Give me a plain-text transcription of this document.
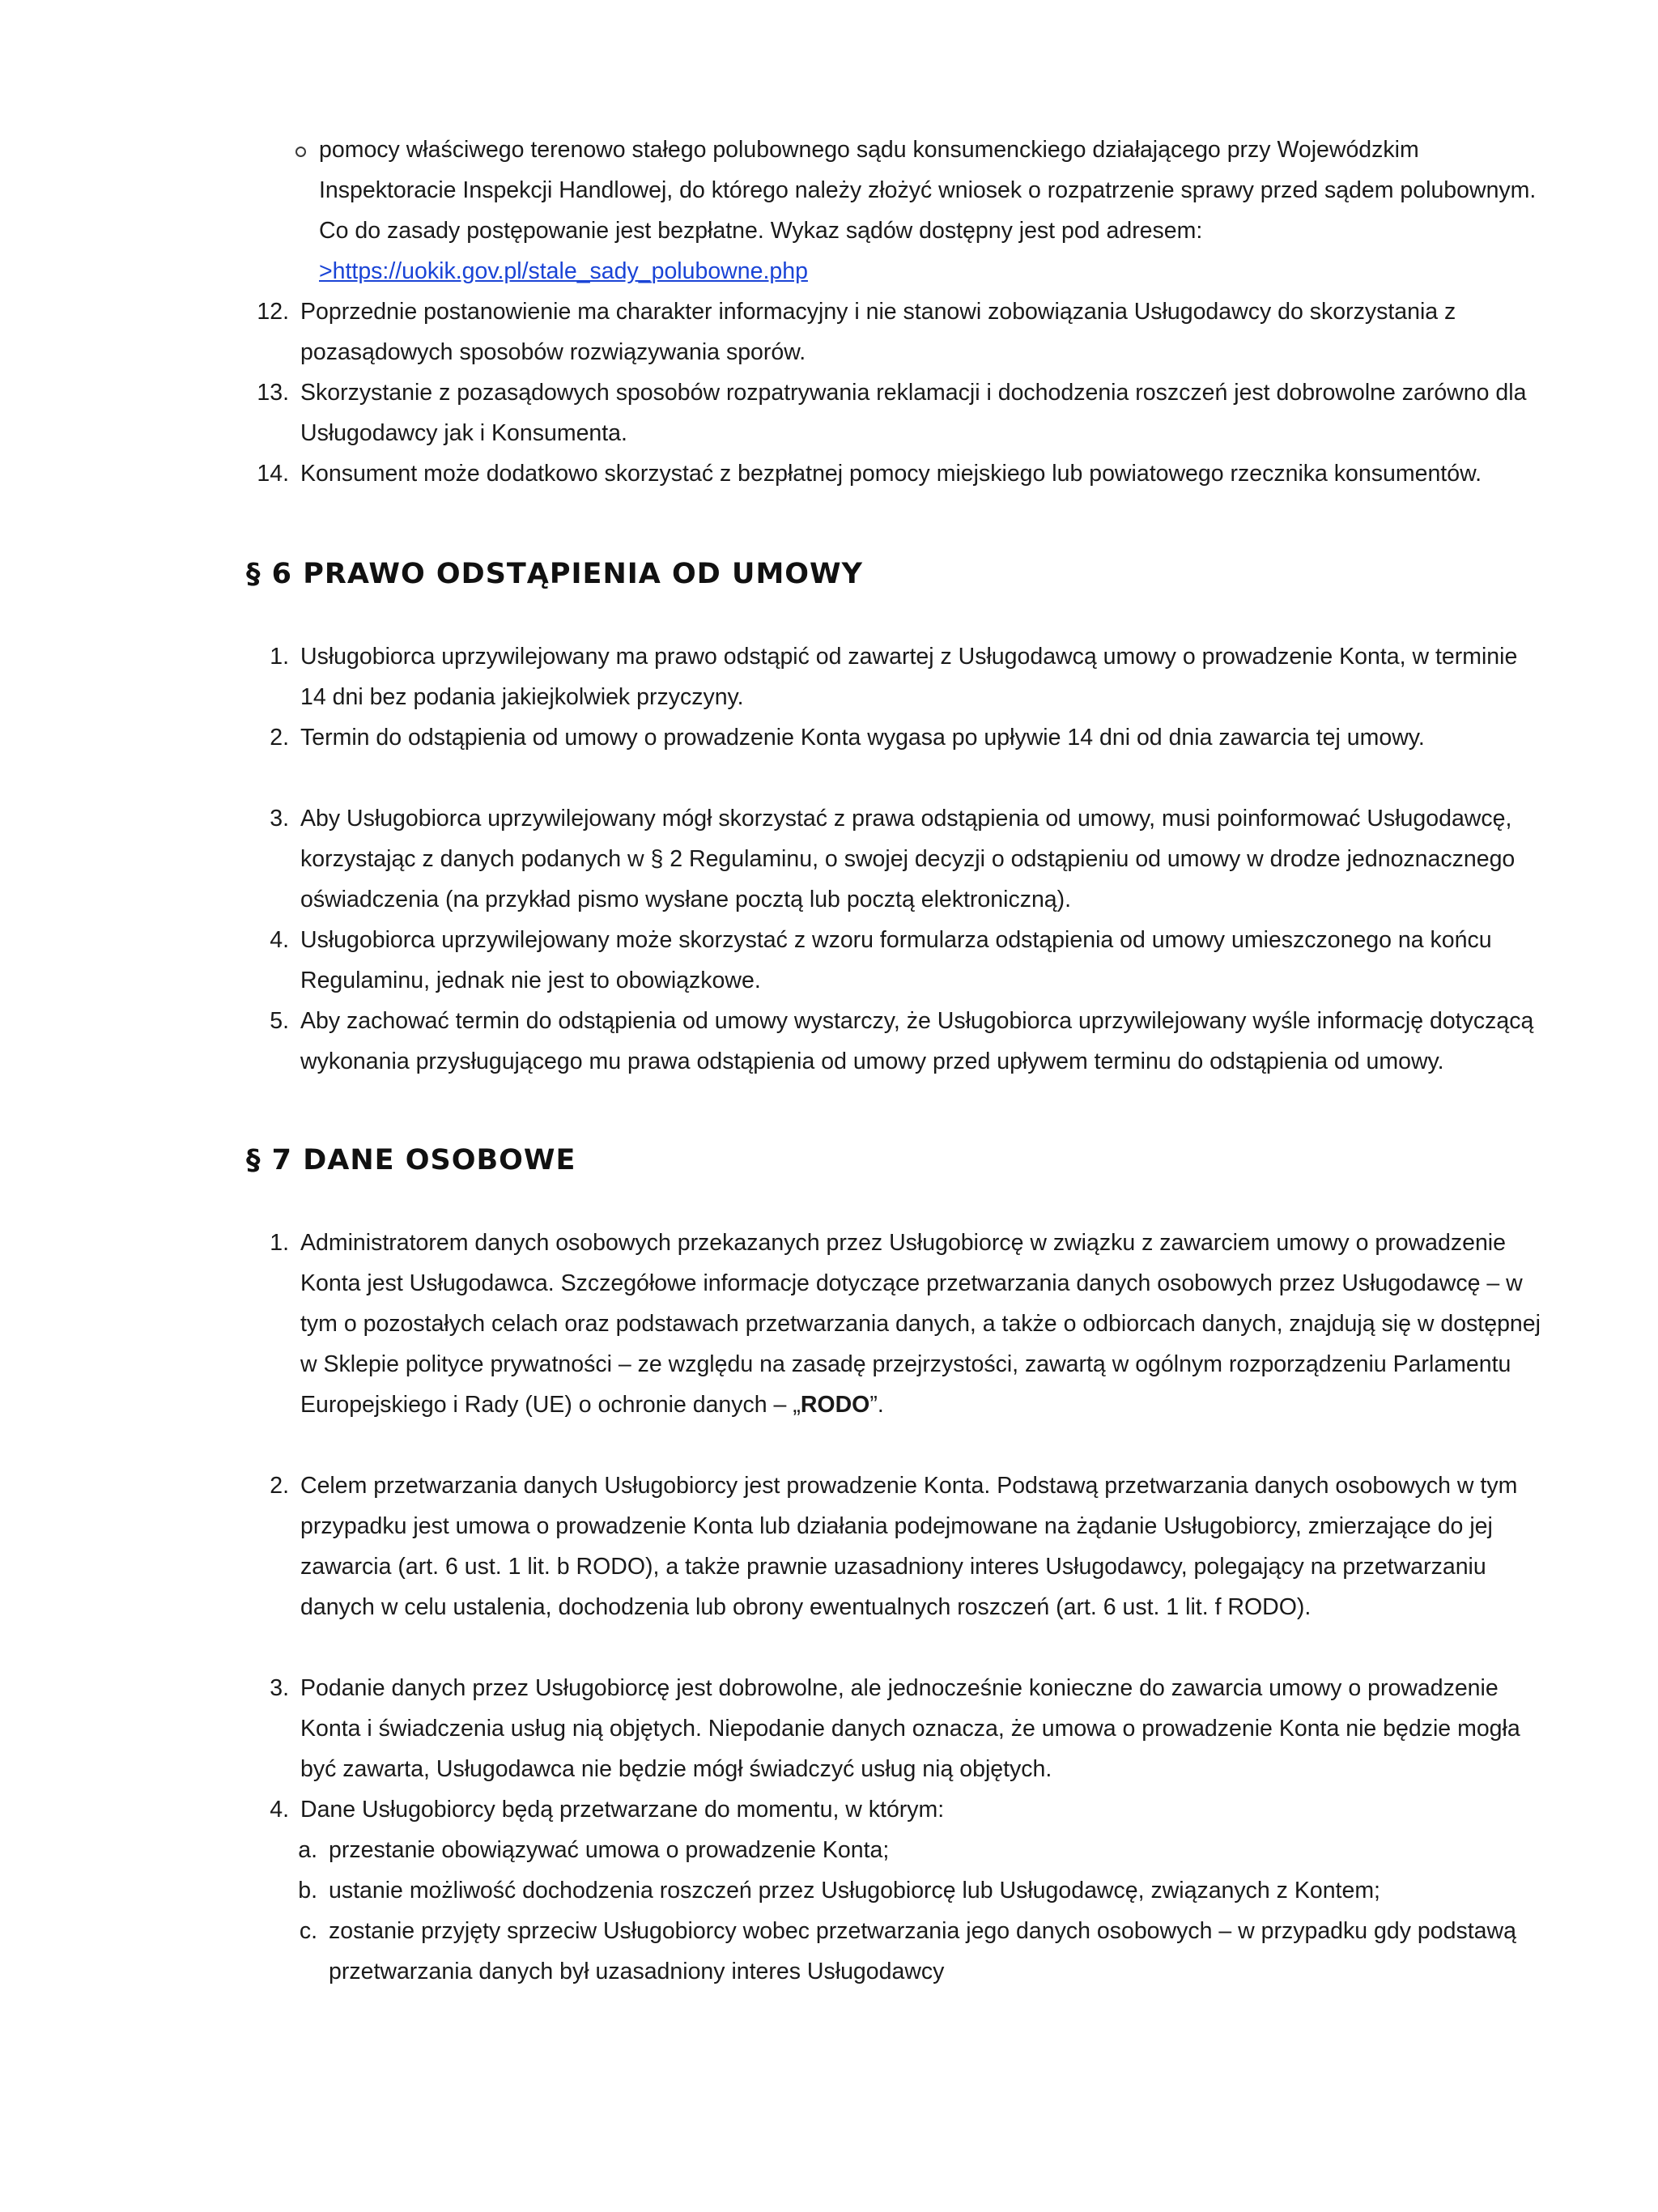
pomocy właściwego terenowo stałego polubownego sądu konsumenckiego działającego przy Wojewódzkim Inspektoracie Inspekcji Handlowej, do którego należy złożyć wniosek o rozpatrzenie sprawy przed sądem polubownym. Co do zasady postępowanie jest bezpłatne. Wykaz sądów dostępny jest pod adresem: >https://uokik.gov.pl/stale_sady_polubowne.php
12. Poprzednie postanowienie ma charakter informacyjny i nie stanowi zobowiązania Usługodawcy do skorzystania z pozasądowych sposobów rozwiązywania sporów.
13. Skorzystanie z pozasądowych sposobów rozpatrywania reklamacji i dochodzenia roszczeń jest dobrowolne zarówno dla Usługodawcy jak i Konsumenta.
14. Konsument może dodatkowo skorzystać z bezpłatnej pomocy miejskiego lub powiatowego rzecznika konsumentów.
§ 6 PRAWO ODSTĄPIENIA OD UMOWY
1. Usługobiorca uprzywilejowany ma prawo odstąpić od zawartej z Usługodawcą umowy o prowadzenie Konta, w terminie 14 dni bez podania jakiejkolwiek przyczyny.
2. Termin do odstąpienia od umowy o prowadzenie Konta wygasa po upływie 14 dni od dnia zawarcia tej umowy.
3. Aby Usługobiorca uprzywilejowany mógł skorzystać z prawa odstąpienia od umowy, musi poinformować Usługodawcę, korzystając z danych podanych w § 2 Regulaminu, o swojej decyzji o odstąpieniu od umowy w drodze jednoznacznego oświadczenia (na przykład pismo wysłane pocztą lub pocztą elektroniczną).
4. Usługobiorca uprzywilejowany może skorzystać z wzoru formularza odstąpienia od umowy umieszczonego na końcu Regulaminu, jednak nie jest to obowiązkowe.
5. Aby zachować termin do odstąpienia od umowy wystarczy, że Usługobiorca uprzywilejowany wyśle informację dotyczącą wykonania przysługującego mu prawa odstąpienia od umowy przed upływem terminu do odstąpienia od umowy.
§ 7 DANE OSOBOWE
1. Administratorem danych osobowych przekazanych przez Usługobiorcę w związku z zawarciem umowy o prowadzenie Konta jest Usługodawca. Szczegółowe informacje dotyczące przetwarzania danych osobowych przez Usługodawcę – w tym o pozostałych celach oraz podstawach przetwarzania danych, a także o odbiorcach danych, znajdują się w dostępnej w Sklepie polityce prywatności – ze względu na zasadę przejrzystości, zawartą w ogólnym rozporządzeniu Parlamentu Europejskiego i Rady (UE) o ochronie danych – „RODO”.
2. Celem przetwarzania danych Usługobiorcy jest prowadzenie Konta. Podstawą przetwarzania danych osobowych w tym przypadku jest umowa o prowadzenie Konta lub działania podejmowane na żądanie Usługobiorcy, zmierzające do jej zawarcia (art. 6 ust. 1 lit. b RODO), a także prawnie uzasadniony interes Usługodawcy, polegający na przetwarzaniu danych w celu ustalenia, dochodzenia lub obrony ewentualnych roszczeń (art. 6 ust. 1 lit. f RODO).
3. Podanie danych przez Usługobiorcę jest dobrowolne, ale jednocześnie konieczne do zawarcia umowy o prowadzenie Konta i świadczenia usług nią objętych. Niepodanie danych oznacza, że umowa o prowadzenie Konta nie będzie mogła być zawarta, Usługodawca nie będzie mógł świadczyć usług nią objętych.
4. Dane Usługobiorcy będą przetwarzane do momentu, w którym:
a. przestanie obowiązywać umowa o prowadzenie Konta;
b. ustanie możliwość dochodzenia roszczeń przez Usługobiorcę lub Usługodawcę, związanych z Kontem;
c. zostanie przyjęty sprzeciw Usługobiorcy wobec przetwarzania jego danych osobowych – w przypadku gdy podstawą przetwarzania danych był uzasadniony interes Usługodawcy
